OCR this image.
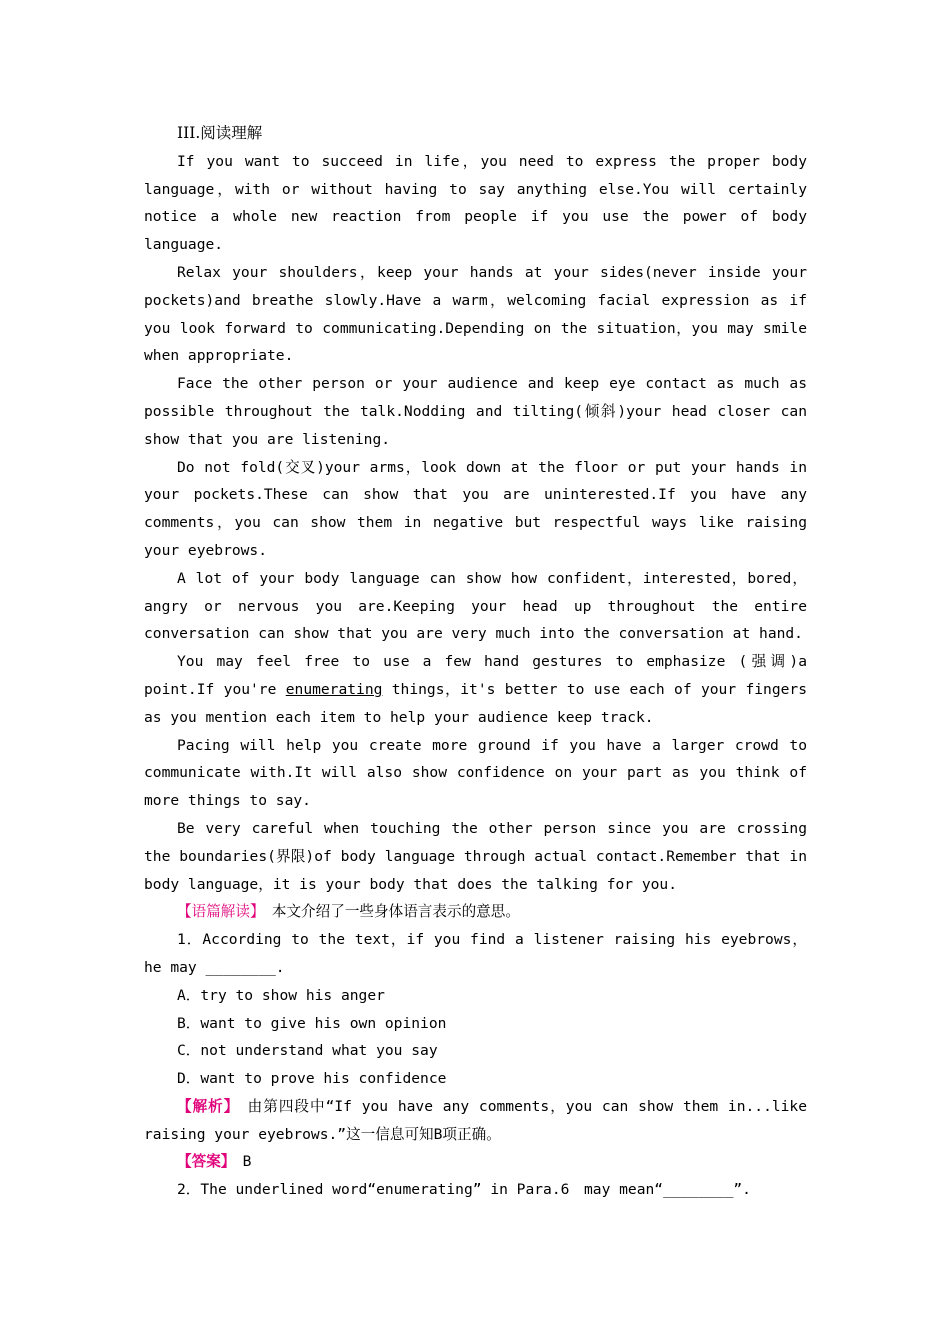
III.阅读理解

If you want to succeed in life，you need to express the proper body language，with or without having to say anything else.You will certainly notice a whole new reaction from people if you use the power of body language.

Relax your shoulders，keep your hands at your sides(never inside your pockets)and breathe slowly.Have a warm，welcoming facial expression as if you look forward to communicating.Depending on the situation，you may smile when appropriate.

Face the other person or your audience and keep eye contact as much as possible throughout the talk.Nodding and tilting(倾斜)your head closer can show that you are listening.

Do not fold(交叉)your arms，look down at the floor or put your hands in your pockets.These can show that you are uninterested.If you have any comments，you can show them in negative but respectful ways like raising your eyebrows.

A lot of your body language can show how confident，interested，bored，angry or nervous you are.Keeping your head up throughout the entire conversation can show that you are very much into the conversation at hand.

You may feel free to use a few hand gestures to emphasize (强调)a point.If you're enumerating things，it's better to use each of your fingers as you mention each item to help your audience keep track.

Pacing will help you create more ground if you have a larger crowd to communicate with.It will also show confidence on your part as you think of more things to say.

Be very careful when touching the other person since you are crossing the boundaries(界限)of body language through actual contact.Remember that in body language，it is your body that does the talking for you.

【语篇解读】　本文介绍了一些身体语言表示的意思。

1．According to the text，if you find a listener raising his eyebrows，he may ________.

A．try to show his anger

B．want to give his own opinion

C．not understand what you say

D．want to prove his confidence

【解析】　由第四段中“If you have any comments，you can show them in...like raising your eyebrows.”这一信息可知B项正确。

【答案】　B

2．The underlined word“enumerating” in Para.6　may mean“________”.
